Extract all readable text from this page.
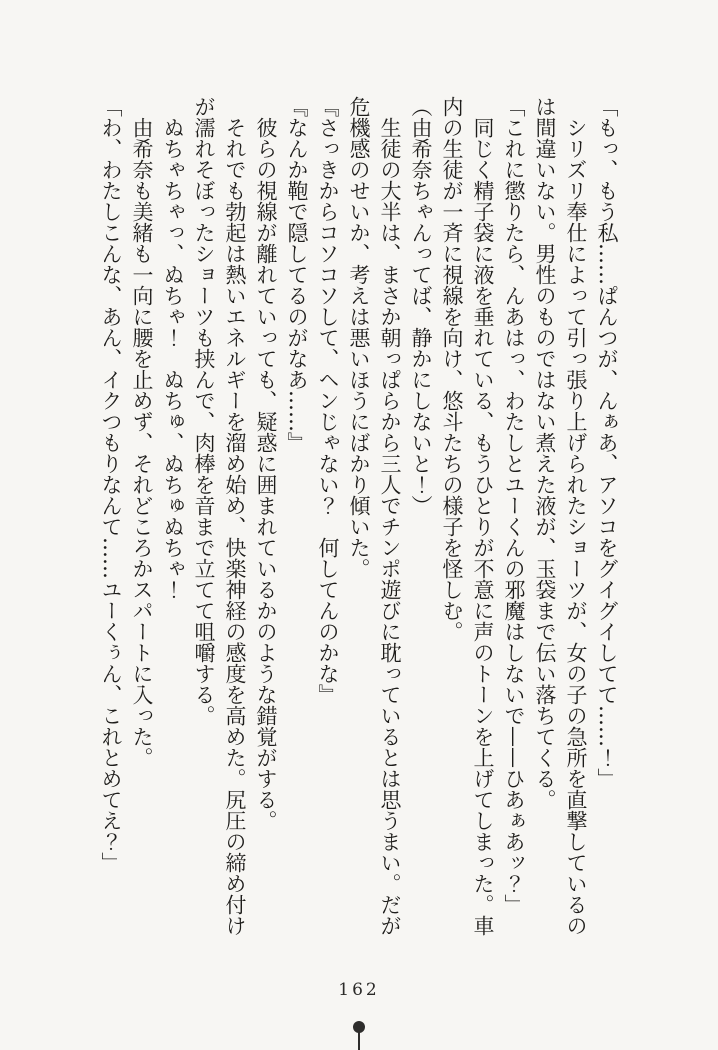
「もっ、もう私……ぱんつが、んぁあ、アソコをグイグイしてて……！」

シリズリ奉仕によって引っ張り上げられたショーツが、女の子の急所を直撃しているの

は間違いない。男性のものではない煮えた液が、玉袋まで伝い落ちてくる。

「これに懲りたら、んあはっ、わたしとユーくんの邪魔はしないで——ひあぁあッ？」

同じく精子袋に液を垂れている、もうひとりが不意に声のトーンを上げてしまった。車

内の生徒が一斉に視線を向け、悠斗たちの様子を怪しむ。

（由希奈ちゃんってば、静かにしないと！）

生徒の大半は、まさか朝っぱらから三人でチンポ遊びに耽っているとは思うまい。だが

危機感のせいか、考えは悪いほうにばかり傾いた。

『さっきからコソコソして、ヘンじゃない？　何してんのかな』

『なんか鞄で隠してるのがなあ……』

彼らの視線が離れていっても、疑惑に囲まれているかのような錯覚がする。

それでも勃起は熱いエネルギーを溜め始め、快楽神経の感度を高めた。尻圧の締め付け

が濡れそぼったショーツも挟んで、肉棒を音まで立てて咀嚼する。

ぬちゃちゃっ、ぬちゃ！　ぬちゅ、ぬちゅぬちゃ！

由希奈も美緒も一向に腰を止めず、それどころかスパートに入った。

「わ、わたしこんな、あん、イクつもりなんて……ユーくぅん、これとめてえ？」

162
